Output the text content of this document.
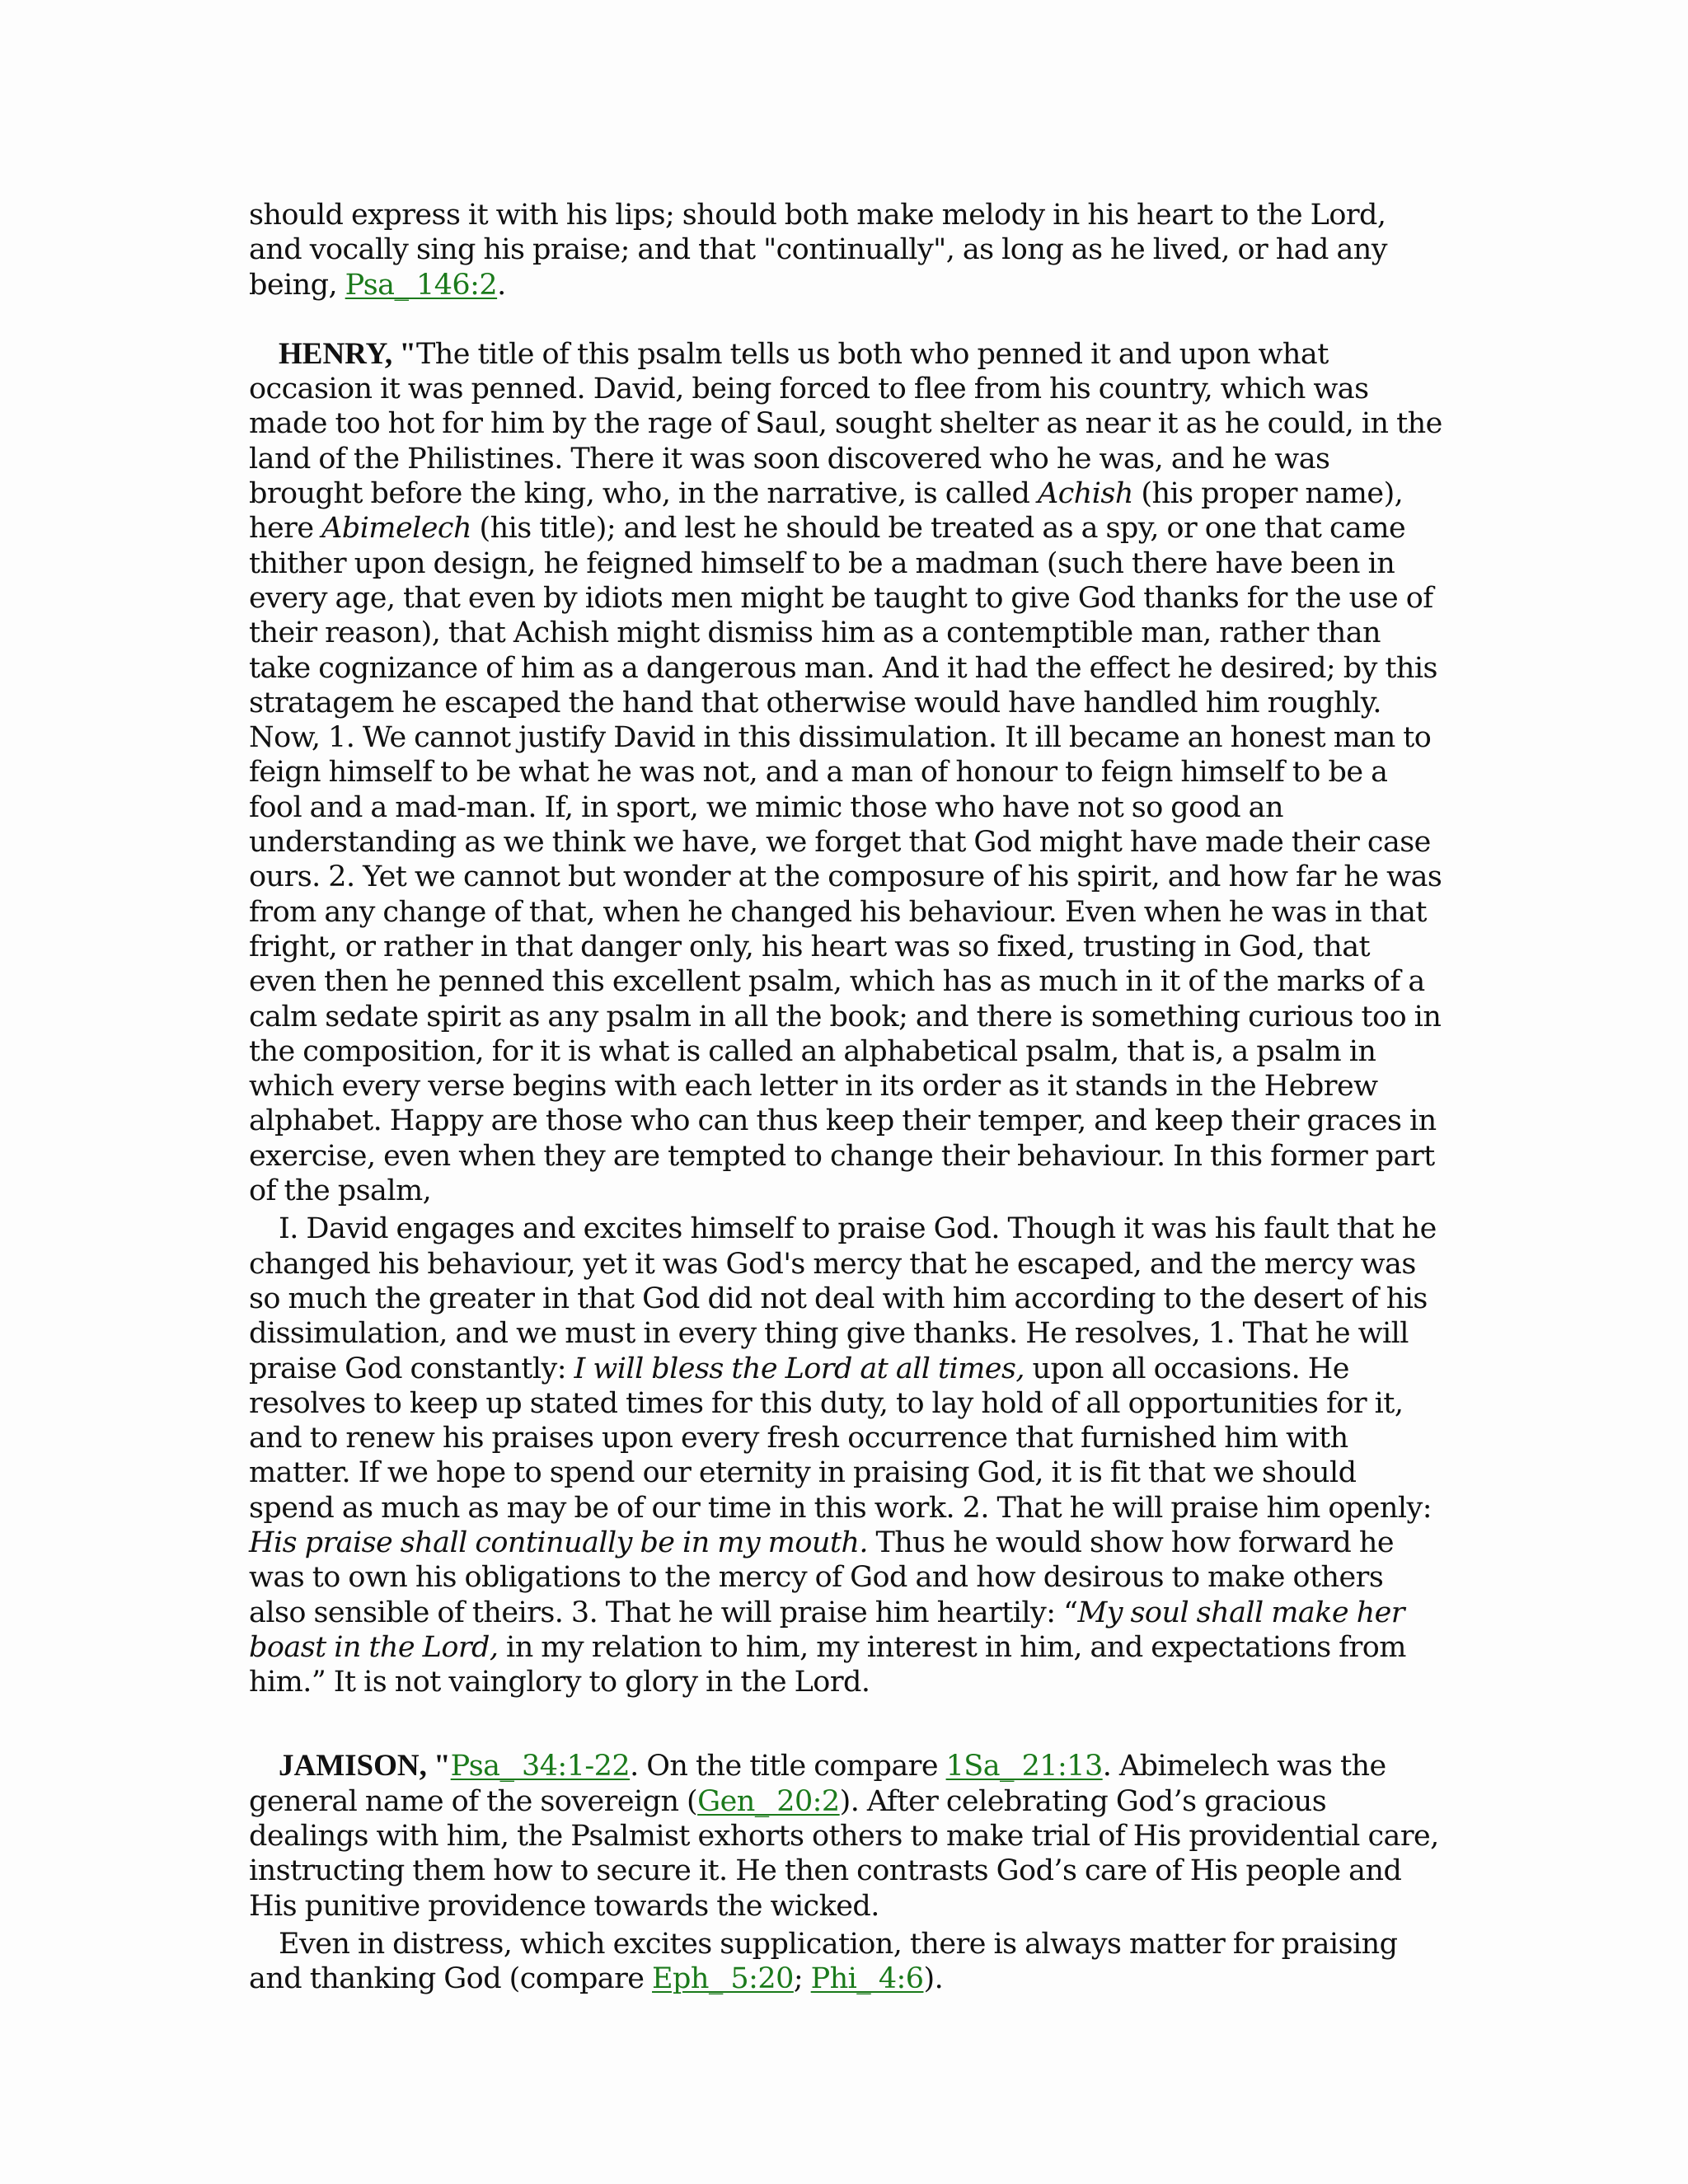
should express it with his lips; should both make melody in his heart to the Lord, and vocally sing his praise; and that "continually", as long as he lived, or had any being, Psa_ 146:2.

HENRY, "The title of this psalm tells us both who penned it and upon what occasion it was penned. David, being forced to flee from his country, which was made too hot for him by the rage of Saul, sought shelter as near it as he could, in the land of the Philistines. There it was soon discovered who he was, and he was brought before the king, who, in the narrative, is called Achish (his proper name), here Abimelech (his title); and lest he should be treated as a spy, or one that came thither upon design, he feigned himself to be a madman (such there have been in every age, that even by idiots men might be taught to give God thanks for the use of their reason), that Achish might dismiss him as a contemptible man, rather than take cognizance of him as a dangerous man. And it had the effect he desired; by this stratagem he escaped the hand that otherwise would have handled him roughly. Now, 1. We cannot justify David in this dissimulation. It ill became an honest man to feign himself to be what he was not, and a man of honour to feign himself to be a fool and a mad-man. If, in sport, we mimic those who have not so good an understanding as we think we have, we forget that God might have made their case ours. 2. Yet we cannot but wonder at the composure of his spirit, and how far he was from any change of that, when he changed his behaviour. Even when he was in that fright, or rather in that danger only, his heart was so fixed, trusting in God, that even then he penned this excellent psalm, which has as much in it of the marks of a calm sedate spirit as any psalm in all the book; and there is something curious too in the composition, for it is what is called an alphabetical psalm, that is, a psalm in which every verse begins with each letter in its order as it stands in the Hebrew alphabet. Happy are those who can thus keep their temper, and keep their graces in exercise, even when they are tempted to change their behaviour. In this former part of the psalm,

I. David engages and excites himself to praise God. Though it was his fault that he changed his behaviour, yet it was God's mercy that he escaped, and the mercy was so much the greater in that God did not deal with him according to the desert of his dissimulation, and we must in every thing give thanks. He resolves, 1. That he will praise God constantly: I will bless the Lord at all times, upon all occasions. He resolves to keep up stated times for this duty, to lay hold of all opportunities for it, and to renew his praises upon every fresh occurrence that furnished him with matter. If we hope to spend our eternity in praising God, it is fit that we should spend as much as may be of our time in this work. 2. That he will praise him openly: His praise shall continually be in my mouth. Thus he would show how forward he was to own his obligations to the mercy of God and how desirous to make others also sensible of theirs. 3. That he will praise him heartily: “My soul shall make her boast in the Lord, in my relation to him, my interest in him, and expectations from him.” It is not vainglory to glory in the Lord.

JAMISON, "Psa_ 34:1-22. On the title compare 1Sa_ 21:13. Abimelech was the general name of the sovereign (Gen_ 20:2). After celebrating God’s gracious dealings with him, the Psalmist exhorts others to make trial of His providential care, instructing them how to secure it. He then contrasts God’s care of His people and His punitive providence towards the wicked.

Even in distress, which excites supplication, there is always matter for praising and thanking God (compare Eph_ 5:20; Phi_ 4:6).
